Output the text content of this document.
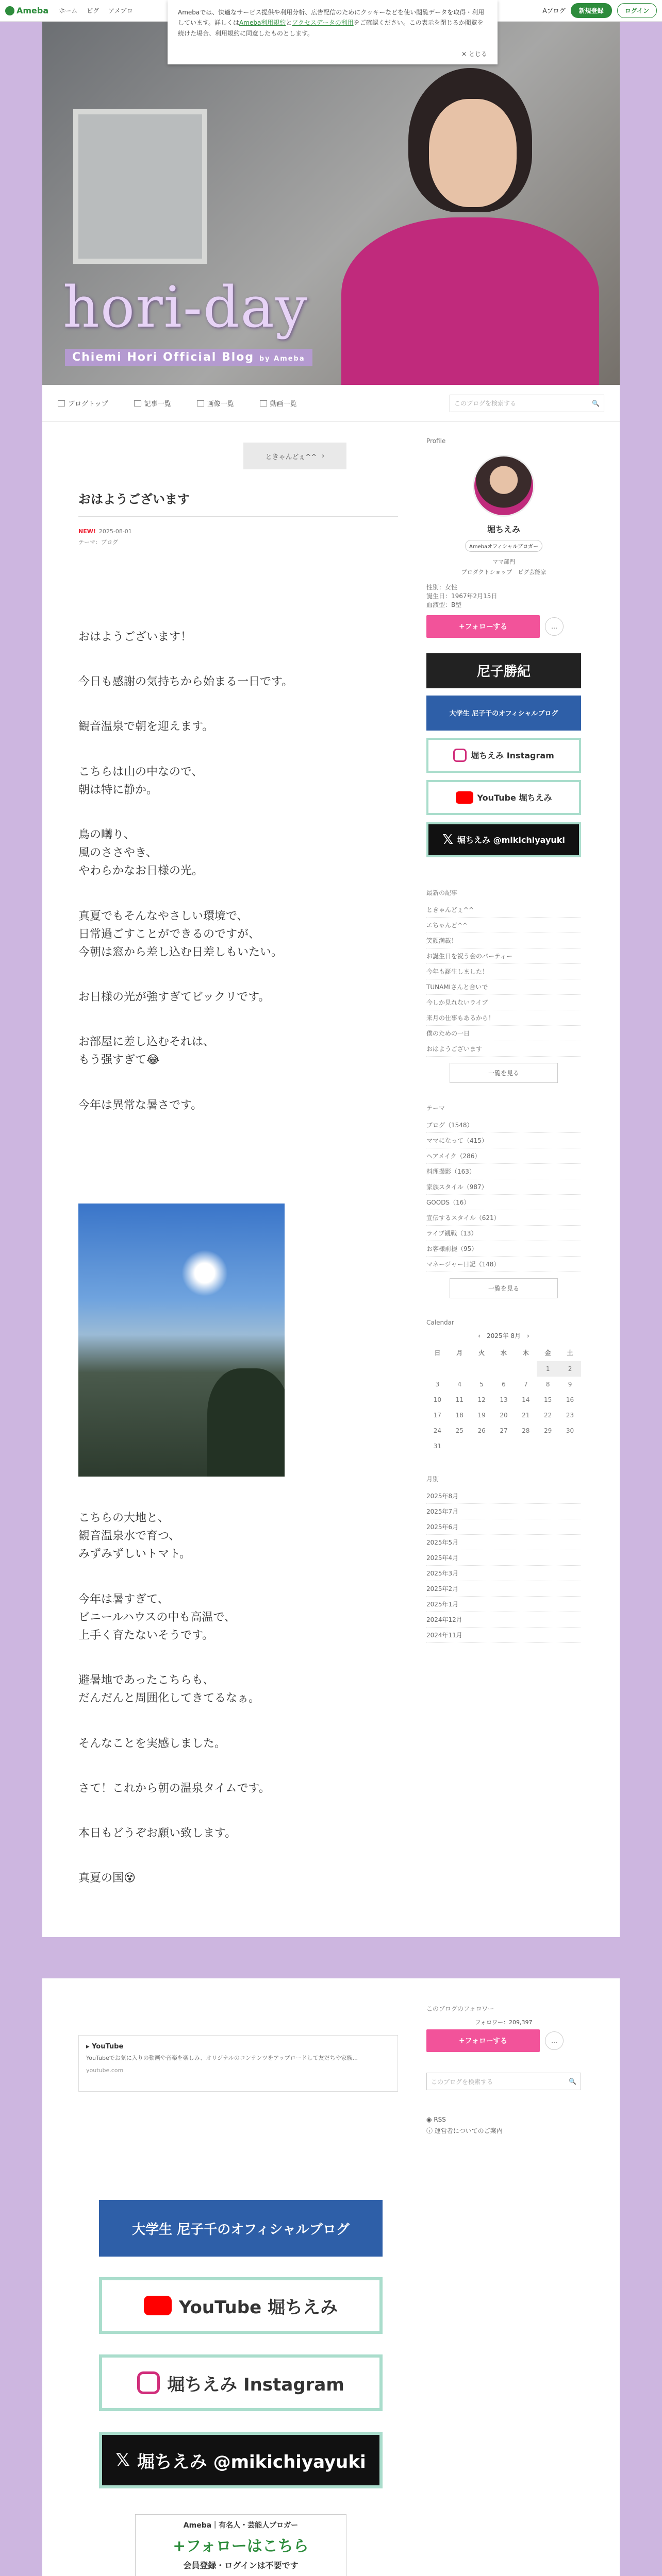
Ameba ホーム ピグ アメブロ	Aブログ	新規登録	ログイン
Amebaでは、快適なサービス提供や利用分析、広告配信のためにクッキーなどを使い閲覧データを取得・利用しています。詳しくはAmeba利用規約とアクセスデータの利用をご確認ください。この表示を閉じるか閲覧を続けた場合、利用規約に同意したものとします。
✕ とじる
hori-day
Chiemi Hori Official Blog by Ameba
ブログトップ	記事一覧	画像一覧	動画一覧	このブログを検索する	🔍
ときゃんどぇ^^ ›
おはようございます
NEW! 2025-08-01
テーマ：ブログ
おはようございます！
今日も感謝の気持ちから始まる一日です。
観音温泉で朝を迎えます。
こちらは山の中なので、
朝は特に静か。
鳥の囀り、
風のささやき、
やわらかなお日様の光。
真夏でもそんなやさしい環境で、
日常過ごすことができるのですが、
今朝は窓から差し込む日差しもいたい。
お日様の光が強すぎてビックリです。
お部屋に差し込むそれは、
もう强すぎて😂
今年は異常な暑さです。
こちらの大地と、
観音温泉水で育つ、
みずみずしいトマト。
今年は暑すぎて、
ビニールハウスの中も高温で、
上手く育たないそうです。
避暑地であったこちらも、
だんだんと周囲化してきてるなぁ。
そんなことを実感しました。
さて！これから朝の温泉タイムです。
本日もどうぞお願い致します。
真夏の国😵
Profile
堀ちえみ
Amebaオフィシャルブロガー
ママ部門
プロダクトショップ　ピグ芸能家
性別：女性
誕生日：1967年2月15日
血液型：B型
+ フォローする	…
尼子勝紀
大学生 尼子千のオフィシャルブログ
堀ちえみ Instagram
YouTube 堀ちえみ
𝕏 堀ちえみ @mikichiyayuki
最新の記事
ときゃんどぇ^^
エちゃんど^^
笑顔満載！
お誕生日を祝う会のパーティー
今年も誕生しました！
TUNAMIさんと合いで
今しか見れないライブ
来月の仕事もあるから！
僕のための一日
おはようございます
一覧を見る
テーマ
ブログ（1548）
ママになって（415）
ヘアメイク（286）
料理撮影（163）
家族スタイル（987）
GOODS（16）
宣伝するスタイル（621）
ライブ観戦（13）
お客様前提（95）
マネージャー日記（148）
一覧を見る
Calendar
‹　 2025年 8月　 ›
日	月	火	水	木	金	土
					1	2
3	4	5	6	7	8	9
10	11	12	13	14	15	16
17	18	19	20	21	22	23
24	25	26	27	28	29	30
31						
月別
2025年8月
2025年7月
2025年6月
2025年5月
2025年4月
2025年3月
2025年2月
2025年1月
2024年12月
2024年11月
▸ YouTube
YouTubeでお気に入りの動画や音楽を楽しみ、オリジナルのコンテンツをアップロードして友だちや家族...
youtube.com
大学生 尼子千のオフィシャルブログ
YouTube 堀ちえみ
堀ちえみ Instagram
𝕏 堀ちえみ @mikichiyayuki
Ameba｜有名人・芸能人ブロガー
+フォローはこちら
会員登録・ログインは不要です
このブログのフォロワー
フォロワー：209,397
+ フォローする	…
このブログを検索する	🔍
◉ RSS
ⓘ 運営者についてのご案内
